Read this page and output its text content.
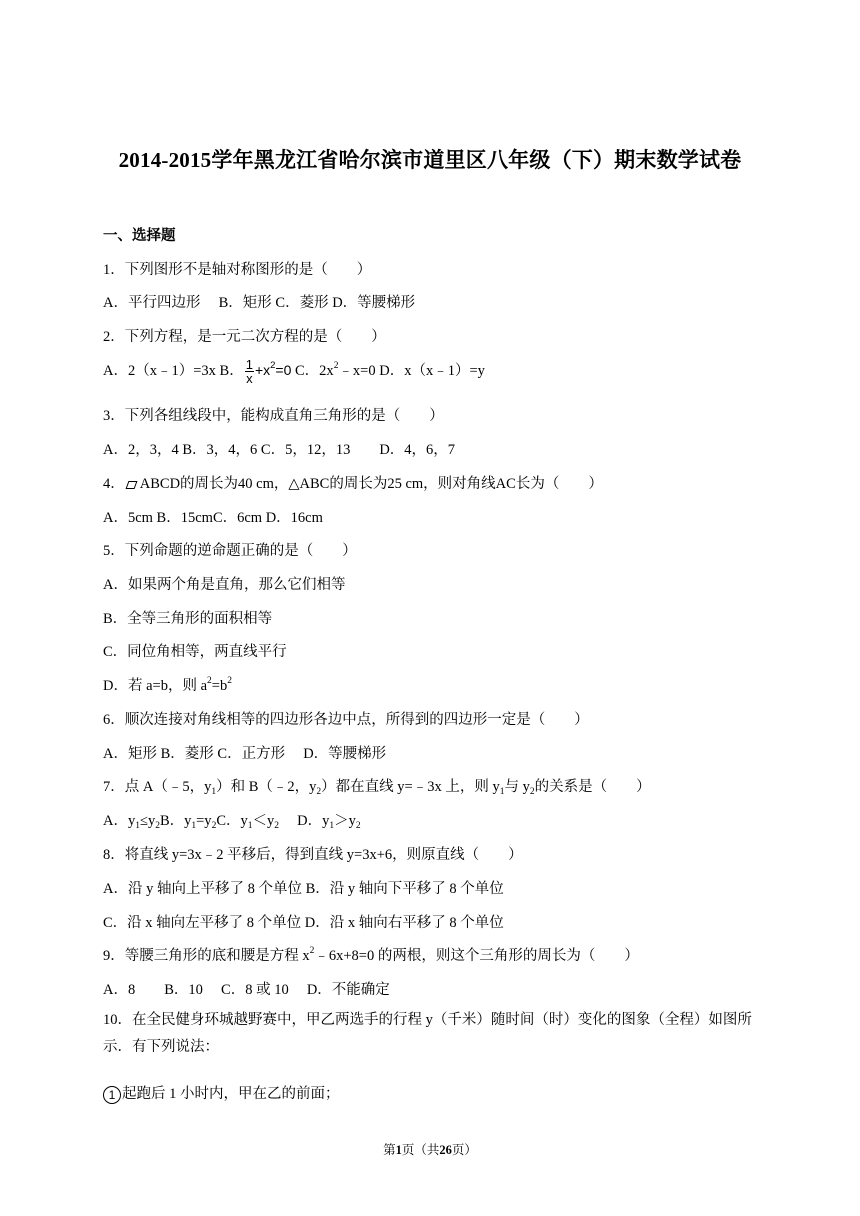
2014-2015学年黑龙江省哈尔滨市道里区八年级（下）期末数学试卷
一、选择题
1．下列图形不是轴对称图形的是（　　）
A．平行四边形　 B．矩形 C．菱形 D．等腰梯形
2．下列方程，是一元二次方程的是（　　）
A．2（x﹣1）=3x B． $\frac{1}{x} +x^2=0$ C．$2x^2﹣x=0$ D．x（x﹣1）=y
3．下列各组线段中，能构成直角三角形的是（　　）
A．2，3，4 B．3，4，6 C．5，12，13　　D．4，6，7
4． ABCD的周长为40 cm，△ABC的周长为25 cm，则对角线AC长为（　　）
A．5cm B．15cmC．6cm D．16cm
5．下列命题的逆命题正确的是（　　）
A．如果两个角是直角，那么它们相等
B．全等三角形的面积相等
C．同位角相等，两直线平行
D．若 a=b，则 $a^2=b^2$
6．顺次连接对角线相等的四边形各边中点，所得到的四边形一定是（　　）
A．矩形 B．菱形 C．正方形　 D．等腰梯形
7．点 A（﹣5，$y_1$）和 B（﹣2，$y_2$）都在直线 y=﹣3x 上，则 $y_1$与 $y_2$的关系是（　　）
A．$y_1\le y_2B$．$y_1=y_2C$．$y_1<y_2$　 D．$y_1>y_2$
8．将直线 y=3x﹣2 平移后，得到直线 y=3x+6，则原直线（　　）
A．沿 y 轴向上平移了 8 个单位 B．沿 y 轴向下平移了 8 个单位
C．沿 x 轴向左平移了 8 个单位 D．沿 x 轴向右平移了 8 个单位
9．等腰三角形的底和腰是方程 $x^2﹣6x+8=0$ 的两根，则这个三角形的周长为（　　）
A．8　　B．10　 C．8 或 10　 D．不能确定
10．在全民健身环城越野赛中，甲乙两选手的行程 y（千米）随时间（时）变化的图象（全程）如图所示．有下列说法：
1 起跑后 1 小时内，甲在乙的前面；
第1页（共26页）
